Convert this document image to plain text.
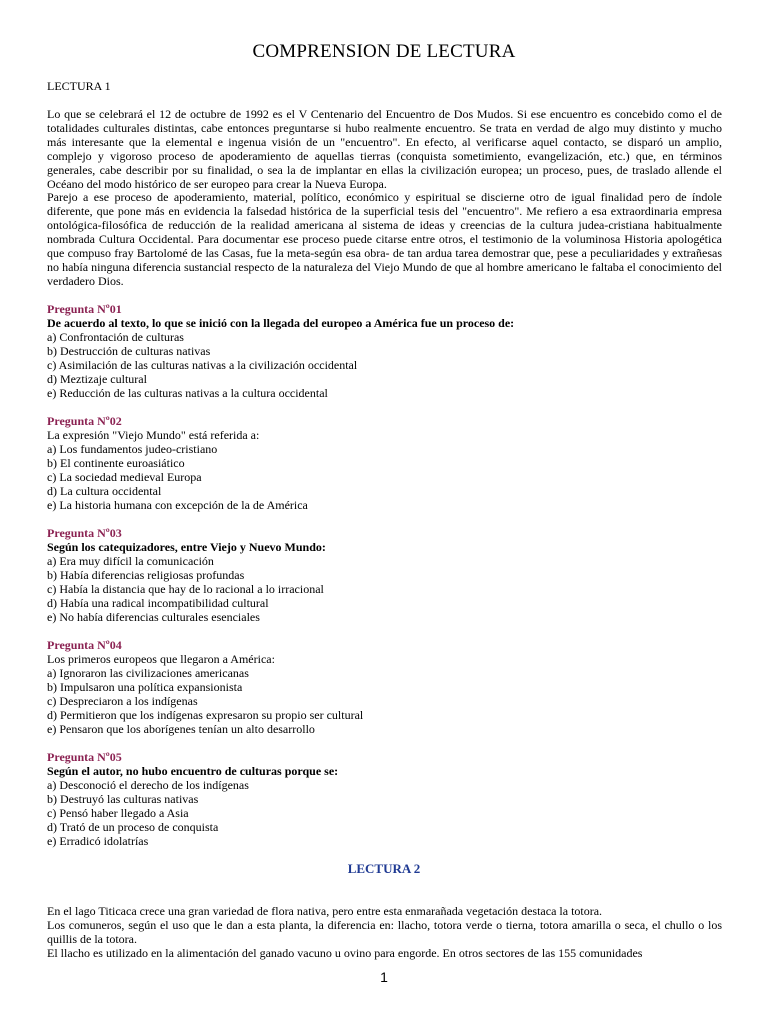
COMPRENSION DE LECTURA
LECTURA 1
Lo que se celebrará el 12 de octubre de 1992 es el V Centenario del Encuentro de Dos Mudos. Si ese encuentro es concebido como el de totalidades culturales distintas, cabe entonces preguntarse si hubo realmente encuentro. Se trata en verdad de algo muy distinto y mucho más interesante que la elemental e ingenua visión de un "encuentro". En efecto, al verificarse aquel contacto, se disparó un amplio, complejo y vigoroso proceso de apoderamiento de aquellas tierras (conquista sometimiento, evangelización, etc.) que, en términos generales, cabe describir por su finalidad, o sea la de implantar en ellas la civilización europea; un proceso, pues, de traslado allende el Océano del modo histórico de ser europeo para crear la Nueva Europa.
Parejo a ese proceso de apoderamiento, material, político, económico y espiritual se discierne otro de igual finalidad pero de índole diferente, que pone más en evidencia la falsedad histórica de la superficial tesis del "encuentro". Me refiero a esa extraordinaria empresa ontológica-filosófica de reducción de la realidad americana al sistema de ideas y creencias de la cultura judea-cristiana habitualmente nombrada Cultura Occidental. Para documentar ese proceso puede citarse entre otros, el testimonio de la voluminosa Historia apologética que compuso fray Bartolomé de las Casas, fue la meta-según esa obra- de tan ardua tarea demostrar que, pese a peculiaridades y extrañesas no había ninguna diferencia sustancial respecto de la naturaleza del Viejo Mundo de que al hombre americano le faltaba el conocimiento del verdadero Dios.
Pregunta Nº01
De acuerdo al texto, lo que se inició con la llegada del europeo a América fue un proceso de:
a) Confrontación de culturas
b) Destrucción de culturas nativas
c) Asimilación de las culturas nativas a la civilización occidental
d) Meztizaje cultural
e) Reducción de las culturas nativas a la cultura occidental
Pregunta Nº02
La expresión "Viejo Mundo" está referida a:
a) Los fundamentos judeo-cristiano
b) El continente euroasiático
c) La sociedad medieval Europa
d) La cultura occidental
e) La historia humana con excepción de la de América
Pregunta Nº03
Según los catequizadores, entre Viejo y Nuevo Mundo:
a) Era muy difícil la comunicación
b) Había diferencias religiosas profundas
c) Había la distancia que hay de lo racional a lo irracional
d) Había una radical incompatibilidad cultural
e) No había diferencias culturales esenciales
Pregunta Nº04
Los primeros europeos que llegaron a América:
a) Ignoraron las civilizaciones americanas
b) Impulsaron una política expansionista
c) Despreciaron a los indígenas
d) Permitieron que los indígenas expresaron su propio ser cultural
e) Pensaron que los aborígenes tenían un alto desarrollo
Pregunta Nº05
Según el autor, no hubo encuentro de culturas porque se:
a) Desconoció el derecho de los indígenas
b) Destruyó las culturas nativas
c) Pensó haber llegado a Asia
d) Trató de un proceso de conquista
e) Erradicó idolatrías
LECTURA 2
En el lago Titicaca crece una gran variedad de flora nativa, pero entre esta enmarañada vegetación destaca la totora.
Los comuneros, según el uso que le dan a esta planta, la diferencia en: llacho, totora verde o tierna, totora amarilla o seca, el chullo o los quillis de la totora.
El llacho es utilizado en la alimentación del ganado vacuno u ovino para engorde. En otros sectores de las 155 comunidades
1
